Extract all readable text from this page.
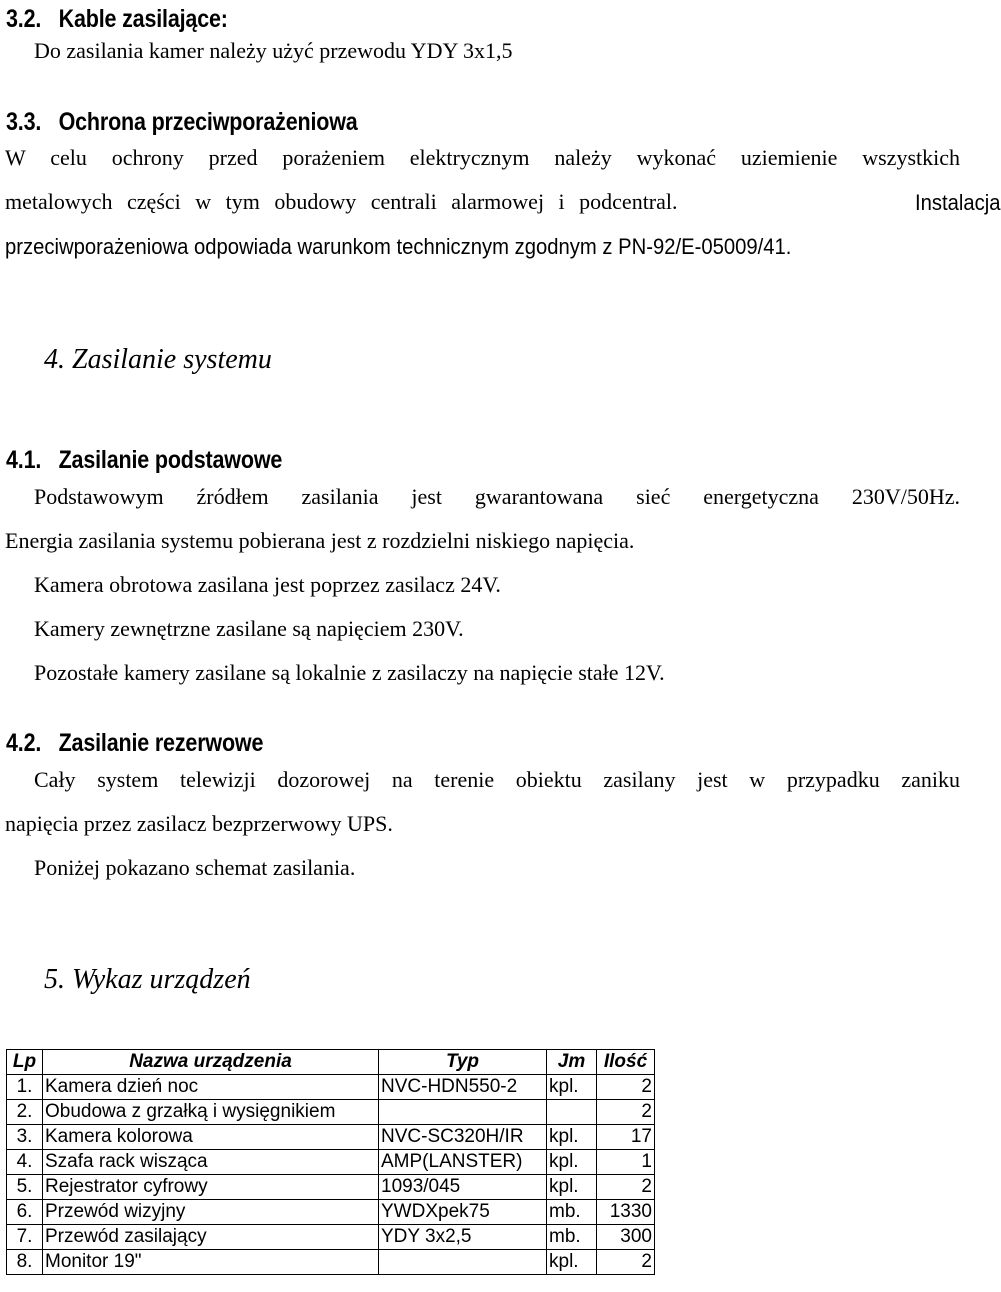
3.2. Kable zasilające:
Do zasilania kamer należy użyć przewodu YDY 3x1,5
3.3. Ochrona przeciwporażeniowa
W celu ochrony przed porażeniem elektrycznym należy wykonać uziemienie wszystkich
metalowych części w tym obudowy centrali alarmowej i podcentral.	Instalacja
przeciwporażeniowa odpowiada warunkom technicznym zgodnym z PN-92/E-05009/41.
4. Zasilanie systemu
4.1. Zasilanie podstawowe
Podstawowym źródłem zasilania jest gwarantowana sieć energetyczna 230V/50Hz.
Energia zasilania systemu pobierana jest z rozdzielni niskiego napięcia.
Kamera obrotowa zasilana jest poprzez zasilacz 24V.
Kamery zewnętrzne zasilane są napięciem 230V.
Pozostałe kamery zasilane są lokalnie z zasilaczy na napięcie stałe 12V.
4.2. Zasilanie rezerwowe
Cały system telewizji dozorowej na terenie obiektu zasilany jest w przypadku zaniku
napięcia przez zasilacz bezprzerwowy UPS.
Poniżej pokazano schemat zasilania.
5. Wykaz urządzeń
Lp	Nazwa urządzenia	Typ	Jm	Ilość
1.	Kamera dzień noc	NVC-HDN550-2	kpl.	2
2.	Obudowa z grzałką i wysięgnikiem			2
3.	Kamera kolorowa	NVC-SC320H/IR	kpl.	17
4.	Szafa rack wisząca	AMP(LANSTER)	kpl.	1
5.	Rejestrator cyfrowy	1093/045	kpl.	2
6.	Przewód wizyjny	YWDXpek75	mb.	1330
7.	Przewód zasilający	YDY 3x2,5	mb.	300
8.	Monitor 19"		kpl.	2
